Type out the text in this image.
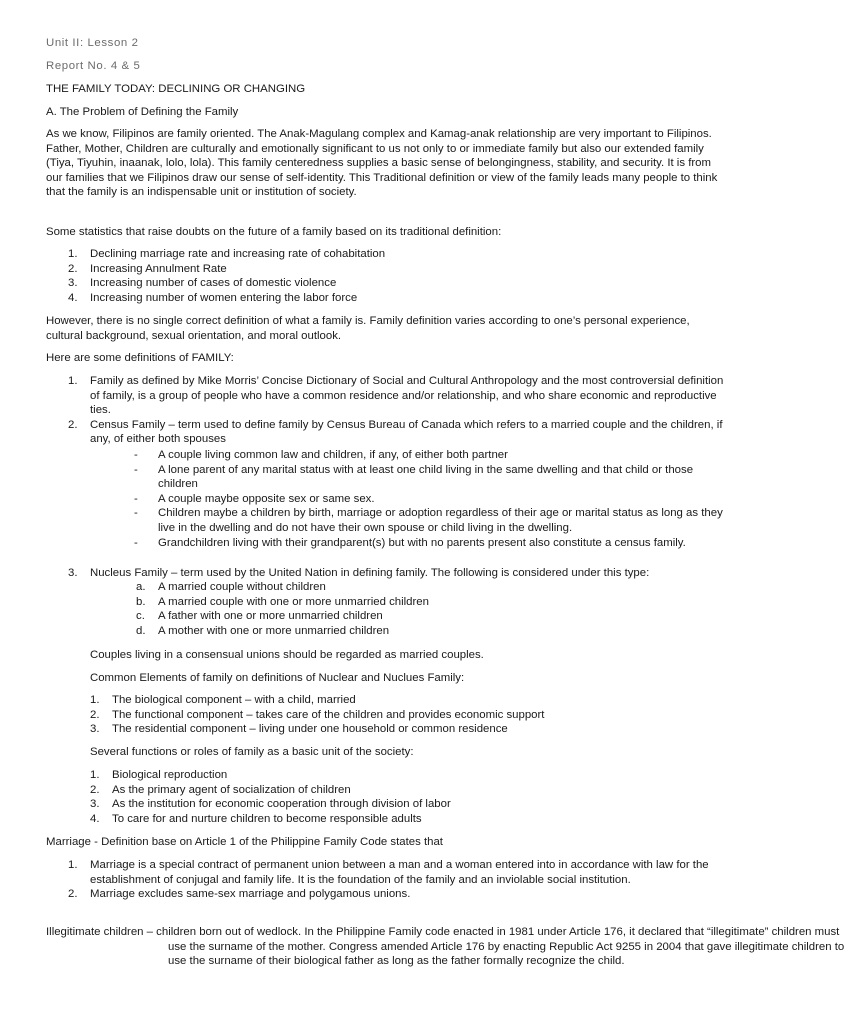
Unit II: Lesson 2

Report No. 4 & 5

THE FAMILY TODAY: DECLINING OR CHANGING

A. The Problem of Defining the Family

As we know, Filipinos are family oriented. The Anak-Magulang complex and Kamag-anak relationship are very important to Filipinos. Father, Mother, Children are culturally and emotionally significant to us not only to or immediate family but also our extended family (Tiya, Tiyuhin, inaanak, lolo, lola). This family centeredness supplies a basic sense of belongingness, stability, and security. It is from our families that we Filipinos draw our sense of self-identity. This Traditional definition or view of the family leads many people to think that the family is an indispensable unit or institution of society.

Some statistics that raise doubts on the future of a family based on its traditional definition:

1. Declining marriage rate and increasing rate of cohabitation
2. Increasing Annulment Rate
3. Increasing number of cases of domestic violence
4. Increasing number of women entering the labor force

However, there is no single correct definition of what a family is. Family definition varies according to one’s personal experience, cultural background, sexual orientation, and moral outlook.

Here are some definitions of FAMILY:

1. Family as defined by Mike Morris’ Concise Dictionary of Social and Cultural Anthropology and the most controversial definition of family, is a group of people who have a common residence and/or relationship, and who share economic and reproductive ties.
2. Census Family – term used to define family by Census Bureau of Canada which refers to a married couple and the children, if any, of either both spouses
- A couple living common law and children, if any, of either both partner
- A lone parent of any marital status with at least one child living in the same dwelling and that child or those children
- A couple maybe opposite sex or same sex.
- Children maybe a children by birth, marriage or adoption regardless of their age or marital status as long as they live in the dwelling and do not have their own spouse or child living in the dwelling.
- Grandchildren living with their grandparent(s) but with no parents present also constitute a census family.
3. Nucleus Family – term used by the United Nation in defining family. The following is considered under this type:
a. A married couple without children
b. A married couple with one or more unmarried children
c. A father with one or more unmarried children
d. A mother with one or more unmarried children

Couples living in a consensual unions should be regarded as married couples.

Common Elements of family on definitions of Nuclear and Nuclues Family:

1. The biological component – with a child, married
2. The functional component – takes care of the children and provides economic support
3. The residential component – living under one household or common residence

Several functions or roles of family as a basic unit of the society:

1. Biological reproduction
2. As the primary agent of socialization of children
3. As the institution for economic cooperation through division of labor
4. To care for and nurture children to become responsible adults

Marriage - Definition base on Article 1 of the Philippine Family Code states that

1. Marriage is a special contract of permanent union between a man and a woman entered into in accordance with law for the establishment of conjugal and family life. It is the foundation of the family and an inviolable social institution.
2. Marriage excludes same-sex marriage and polygamous unions.

Illegitimate children – children born out of wedlock. In the Philippine Family code enacted in 1981 under Article 176, it declared that “illegitimate” children must use the surname of the mother. Congress amended Article 176 by enacting Republic Act 9255 in 2004 that gave illegitimate children to use the surname of their biological father as long as the father formally recognize the child.
